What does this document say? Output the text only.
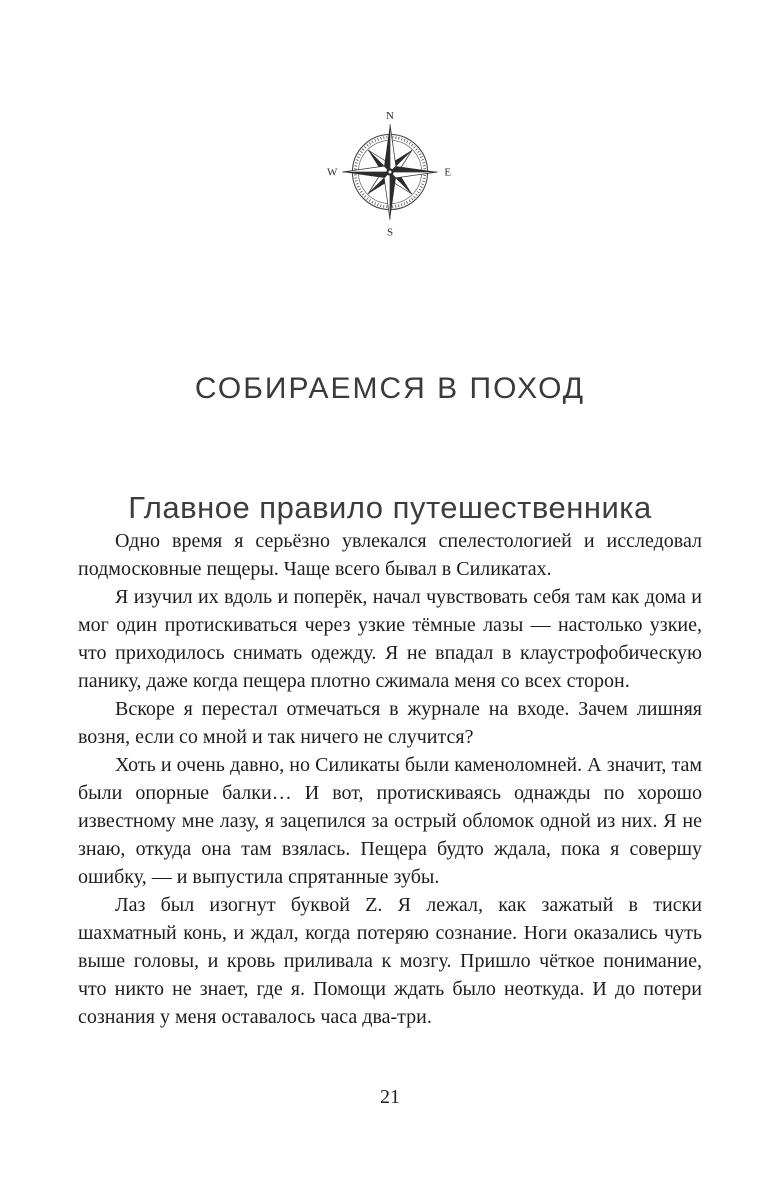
N
E
S
W
СОБИРАЕМСЯ В ПОХОД
Главное правило путешественника

Одно время я серьёзно увлекался спелестологией и исследовал подмосковные пещеры. Чаще всего бывал в Силикатах.

Я изучил их вдоль и поперёк, начал чувствовать себя там как дома и мог один протискиваться через узкие тёмные лазы — настолько узкие, что приходилось снимать одежду. Я не впадал в клаустрофобическую панику, даже когда пещера плотно сжимала меня со всех сторон.

Вскоре я перестал отмечаться в журнале на входе. Зачем лишняя возня, если со мной и так ничего не случится?

Хоть и очень давно, но Силикаты были каменоломней. А значит, там были опорные балки… И вот, протискиваясь однажды по хорошо известному мне лазу, я зацепился за острый обломок одной из них. Я не знаю, откуда она там взялась. Пещера будто ждала, пока я совершу ошибку, — и выпустила спрятанные зубы.

Лаз был изогнут буквой Z. Я лежал, как зажатый в тиски шахматный конь, и ждал, когда потеряю сознание. Ноги оказались чуть выше головы, и кровь приливала к мозгу. Пришло чёткое понимание, что никто не знает, где я. Помощи ждать было неоткуда. И до потери сознания у меня оставалось часа два-три.

21
